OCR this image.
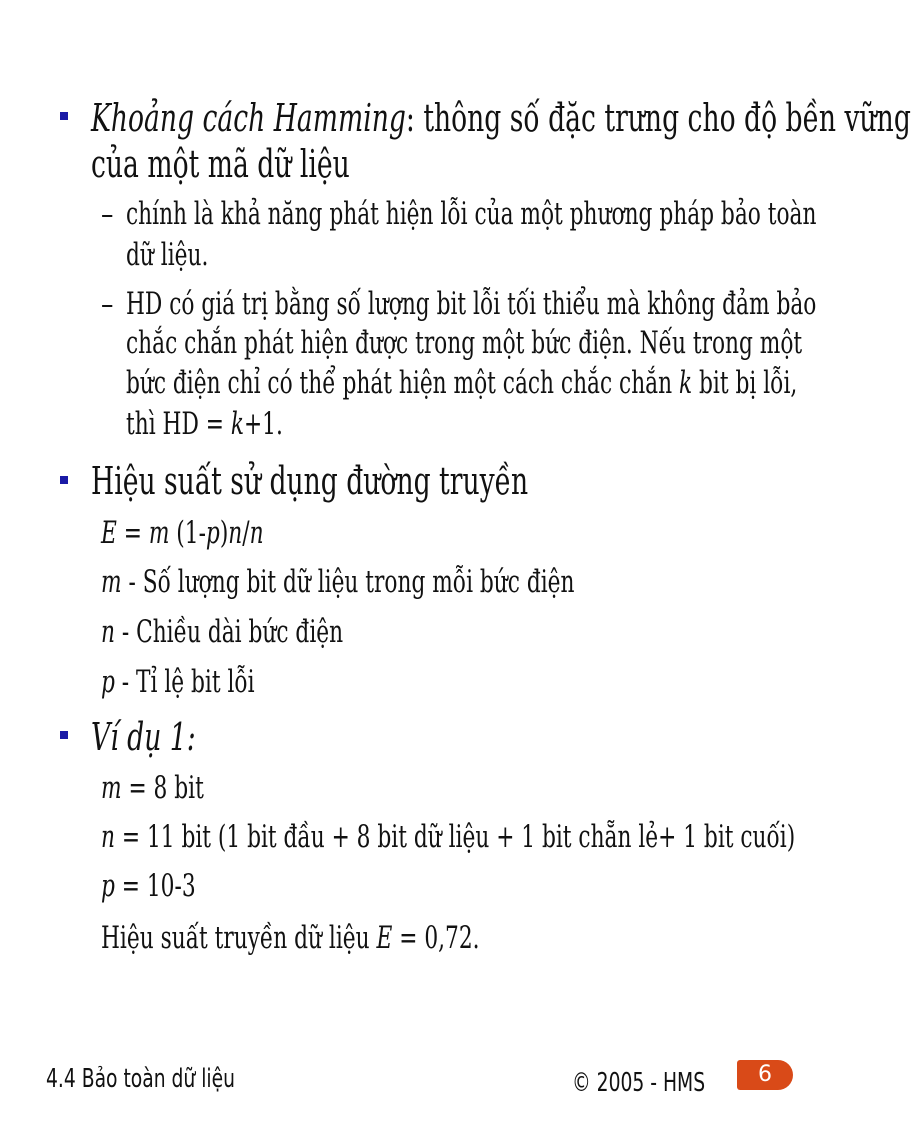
Khoảng cách Hamming: thông số đặc trưng cho độ bền vững
của một mã dữ liệu
– chính là khả năng phát hiện lỗi của một phương pháp bảo toàn
dữ liệu.
– HD có giá trị bằng số lượng bit lỗi tối thiểu mà không đảm bảo
chắc chắn phát hiện được trong một bức điện. Nếu trong một
bức điện chỉ có thể phát hiện một cách chắc chắn k bit bị lỗi,
thì HD = k+1.
Hiệu suất sử dụng đường truyền
E = m (1-p)n/n
m - Số lượng bit dữ liệu trong mỗi bức điện
n - Chiều dài bức điện
p - Tỉ lệ bit lỗi
Ví dụ 1:
m = 8 bit
n = 11 bit (1 bit đầu + 8 bit dữ liệu + 1 bit chẵn lẻ+ 1 bit cuối)
p = 10-3
Hiệu suất truyền dữ liệu E = 0,72.
4.4 Bảo toàn dữ liệu	© 2005 - HMS	6
